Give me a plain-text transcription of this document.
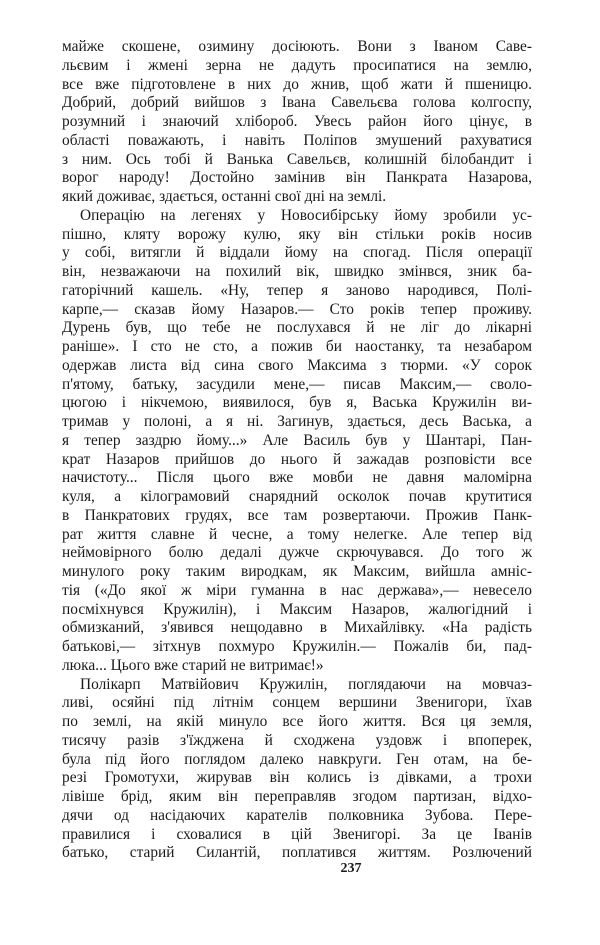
майже скошене, озимину досіюють. Вони з Іваном Саве-
льєвим і жмені зерна не дадуть просипатися на землю,
все вже підготовлене в них до жнив, щоб жати й пшеницю.
Добрий, добрий вийшов з Івана Савельєва голова колгоспу,
розумний і знаючий хлібороб. Увесь район його цінує, в
області поважають, і навіть Поліпов змушений рахуватися
з ним. Ось тобі й Ванька Савельєв, колишній білобандит і
ворог народу! Достойно замінив він Панкрата Назарова,
який доживає, здається, останні свої дні на землі.
Операцію на легенях у Новосибірську йому зробили ус-
пішно, кляту ворожу кулю, яку він стільки років носив
у собі, витягли й віддали йому на спогад. Після операції
він, незважаючи на похилий вік, швидко змінвся, зник ба-
гаторічний кашель. «Ну, тепер я заново народився, Полі-
карпе,— сказав йому Назаров.— Сто років тепер проживу.
Дурень був, що тебе не послухався й не ліг до лікарні
раніше». І сто не сто, а пожив би наостанку, та незабаром
одержав листа від сина свого Максима з тюрми. «У сорок
п'ятому, батьку, засудили мене,— писав Максим,— своло-
цюгою і нікчемою, виявилося, був я, Васька Кружилін ви-
тримав у полоні, а я ні. Загинув, здається, десь Васька, а
я тепер заздрю йому...» Але Василь був у Шантарі, Пан-
крат Назаров прийшов до нього й зажадав розповісти все
начистоту... Після цього вже мовби не давня маломірна
куля, а кілограмовий снарядний осколок почав крутитися
в Панкратових грудях, все там розвертаючи. Прожив Панк-
рат життя славне й чесне, а тому нелегке. Але тепер від
неймовірного болю дедалі дужче скрючувався. До того ж
минулого року таким виродкам, як Максим, вийшла амніс-
тія («До якої ж міри гуманна в нас держава»,— невесело
посміхнувся Кружилін), і Максим Назаров, жалюгідний і
обмизканий, з'явився нещодавно в Михайлівку. «На радість
батькові,— зітхнув похмуро Кружилін.— Пожалів би, пад-
люка... Цього вже старий не витримає!»
Полікарп Матвійович Кружилін, поглядаючи на мовчаз-
ливі, осяйні під літнім сонцем вершини Звенигори, їхав
по землі, на якій минуло все його життя. Вся ця земля,
тисячу разів з'їжджена й сходжена уздовж і впоперек,
була під його поглядом далеко навкруги. Ген отам, на бе-
резі Громотухи, жирував він колись із дівками, а трохи
лівіше брід, яким він переправляв згодом партизан, відхо-
дячи од насідаючих карателів полковника Зубова. Пере-
правилися і сховалися в цій Звенигорі. За це Іванів
батько, старий Силантій, поплатився життям. Розлючений
237
